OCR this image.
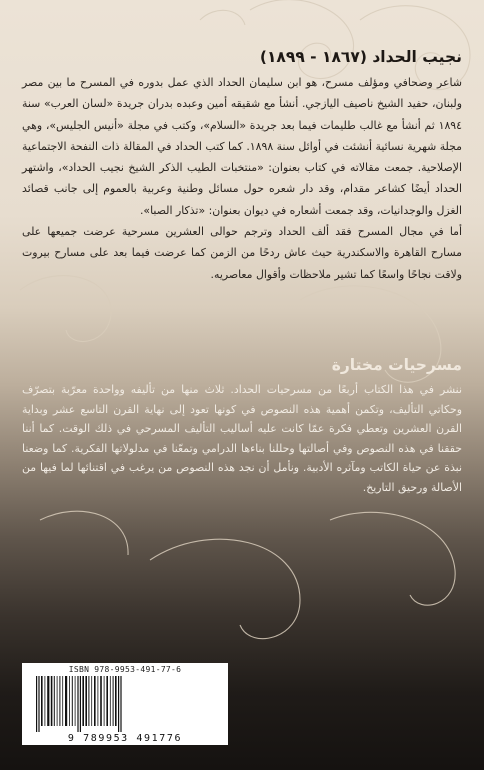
نجيب الحداد (١٨٦٧ - ١٨٩٩)

شاعر وصحافي ومؤلف مسرح، هو ابن سليمان الحداد الذي عمل بدوره في المسرح ما بين مصر ولبنان، حفيد الشيخ ناصيف اليازجي. أنشأ مع شقيقه أمين وعبده بدران جريدة «لسان العرب» سنة ١٨٩٤ ثم أنشأ مع غالب طليمات فيما بعد جريدة «السلام»، وكتب في مجلة «أنيس الجليس»، وهي مجلة شهرية نسائية أنشئت في أوائل سنة ١٨٩٨. كما كتب الحداد في المقالة ذات النفحة الاجتماعية الإصلاحية. جمعت مقالاته في كتاب بعنوان: «منتخبات الطيب الذكر الشيخ نجيب الحداد»، واشتهر الحداد أيضًا كشاعر مقدام، وقد دار شعره حول مسائل وطنية وعربية بالعموم إلى جانب قصائد الغزل والوجدانيات، وقد جمعت أشعاره في ديوان بعنوان: «تذكار الصبا».

أما في مجال المسرح فقد ألف الحداد وترجم حوالى العشرين مسرحية عرضت جميعها على مسارح القاهرة والاسكندرية حيث عاش ردحًا من الزمن كما عرضت فيما بعد على مسارح بيروت ولاقت نجاحًا واسعًا كما تشير ملاحظات وأقوال معاصريه.

مسرحيات مختارة

ننشر في هذا الكتاب أربعًا من مسرحيات الحداد. ثلاث منها من تأليفه وواحدة معرّبة بتصرّف وحكاتي التأليف، وتكمن أهمية هذه النصوص في كونها تعود إلى نهاية القرن التاسع عشر وبداية القرن العشرين وتعطي فكرة عمّا كانت عليه أساليب التأليف المسرحي في ذلك الوقت. كما أننا حققنا في هذه النصوص وفي أصالتها وحللنا بناءها الدرامي وتمعّنا في مدلولاتها الفكرية. كما وضعنا نبذة عن حياة الكاتب ومآثره الأدبية. ونأمل أن نجد هذه النصوص من يرغب في اقتنائها لما فيها من الأصالة ورحيق التاريخ.

ISBN 978-9953-491-77-6
9 789953 491776
